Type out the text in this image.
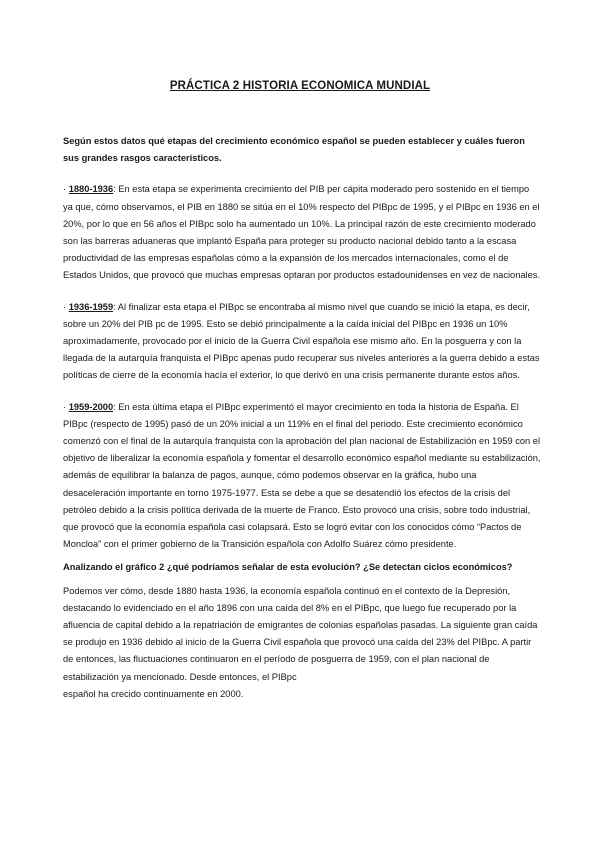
PRÁCTICA 2 HISTORIA ECONOMICA MUNDIAL
Según estos datos qué etapas del crecimiento económico español se pueden establecer y cuáles fueron sus grandes rasgos característicos.
· 1880-1936: En esta etapa se experimenta crecimiento del PIB per cápita moderado pero sostenido en el tiempo ya que, cómo observamos, el PIB en 1880 se sitúa en el 10% respecto del PIBpc de 1995, y el PIBpc en 1936 en el 20%, por lo que en 56 años el PIBpc solo ha aumentado un 10%. La principal razón de este crecimiento moderado son las barreras aduaneras que implantó España para proteger su producto nacional debido tanto a la escasa productividad de las empresas españolas cómo a la expansión de los mercados internacionales, como el de Estados Unidos, que provocó que muchas empresas optaran por productos estadounidenses en vez de nacionales.
· 1936-1959: Al finalizar esta etapa el PIBpc se encontraba al mismo nivel que cuando se inició la etapa, es decir, sobre un 20% del PIB pc de 1995. Esto se debió principalmente a la caída inicial del PIBpc en 1936 un 10% aproximadamente, provocado por el inicio de la Guerra Civil española ese mismo año. En la posguerra y con la llegada de la autarquía franquista el PIBpc apenas pudo recuperar sus niveles anteriores a la guerra debido a estas políticas de cierre de la economía hacía el exterior, lo que derivó en una crisis permanente durante estos años.
· 1959-2000: En esta última etapa el PIBpc experimentó el mayor crecimiento en toda la historia de España. El PIBpc (respecto de 1995) pasó de un 20% inicial a un 119% en el final del periodo. Este crecimiento económico comenzó con el final de la autarquía franquista con la aprobación del plan nacional de Estabilización en 1959 con el objetivo de liberalizar la economía española y fomentar el desarrollo económico español mediante su estabilización, además de equilibrar la balanza de pagos, aunque, cómo podemos observar en la gráfica, hubo una desaceleración importante en torno 1975-1977. Esta se debe a que se desatendió los efectos de la crisis del petróleo debido a la crisis política derivada de la muerte de Franco. Esto provocó una crisis, sobre todo industrial, que provocó que la economía española casi colapsará. Esto se logró evitar con los conocidos cómo “Pactos de Moncloa” con el primer gobierno de la Transición española con Adolfo Suárez cómo presidente.
Analizando el gráfico 2 ¿qué podríamos señalar de esta evolución? ¿Se detectan ciclos económicos?
Podemos ver cómo, desde 1880 hasta 1936, la economía española continuó en el contexto de la Depresión, destacando lo evidenciado en el año 1896 con una caída del 8% en el PIBpc, que luego fue recuperado por la afluencia de capital debido a la repatriación de emigrantes de colonias españolas pasadas. La siguiente gran caída se produjo en 1936 debido al inicio de la Guerra Civil española que provocó una caída del 23% del PIBpc. A partir de entonces, las fluctuaciones continuaron en el período de posguerra de 1959, con el plan nacional de estabilización ya mencionado. Desde entonces, el PIBpc
español ha crecido continuamente en 2000.
